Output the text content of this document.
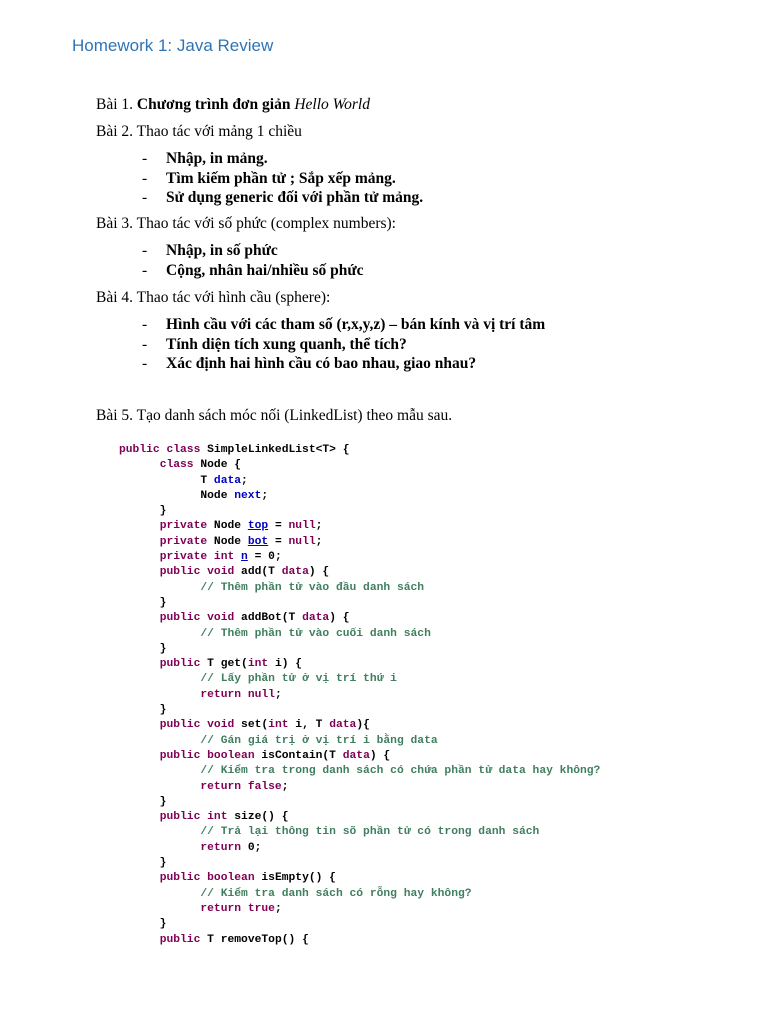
Homework 1: Java Review
Bài 1. Chương trình đơn giản Hello World
Bài 2. Thao tác với mảng 1 chiều
- Nhập, in mảng.
- Tìm kiếm phần tử ; Sắp xếp mảng.
- Sử dụng generic đối với phần tử mảng.
Bài 3. Thao tác với số phức (complex numbers):
- Nhập, in số phức
- Cộng, nhân hai/nhiều số phức
Bài 4. Thao tác với hình cầu (sphere):
- Hình cầu với các tham số (r,x,y,z) – bán kính và vị trí tâm
- Tính diện tích xung quanh, thể tích?
- Xác định hai hình cầu có bao nhau, giao nhau?
Bài 5. Tạo danh sách móc nối (LinkedList) theo mẫu sau.
public class SimpleLinkedList<T> {
class Node {
T data;
Node next;
}
private Node top = null;
private Node bot = null;
private int n = 0;
public void add(T data) {
// Thêm phần tử vào đầu danh sách
}
public void addBot(T data) {
// Thêm phần tử vào cuối danh sách
}
public T get(int i) {
// Lấy phần tử ở vị trí thứ i
return null;
}
public void set(int i, T data){
// Gán giá trị ở vị trí i bằng data
public boolean isContain(T data) {
// Kiểm tra trong danh sách có chứa phần tử data hay không?
return false;
}
public int size() {
// Trả lại thông tin sõ phần tử có trong danh sách
return 0;
}
public boolean isEmpty() {
// Kiểm tra danh sách có rỗng hay không?
return true;
}
public T removeTop() {
